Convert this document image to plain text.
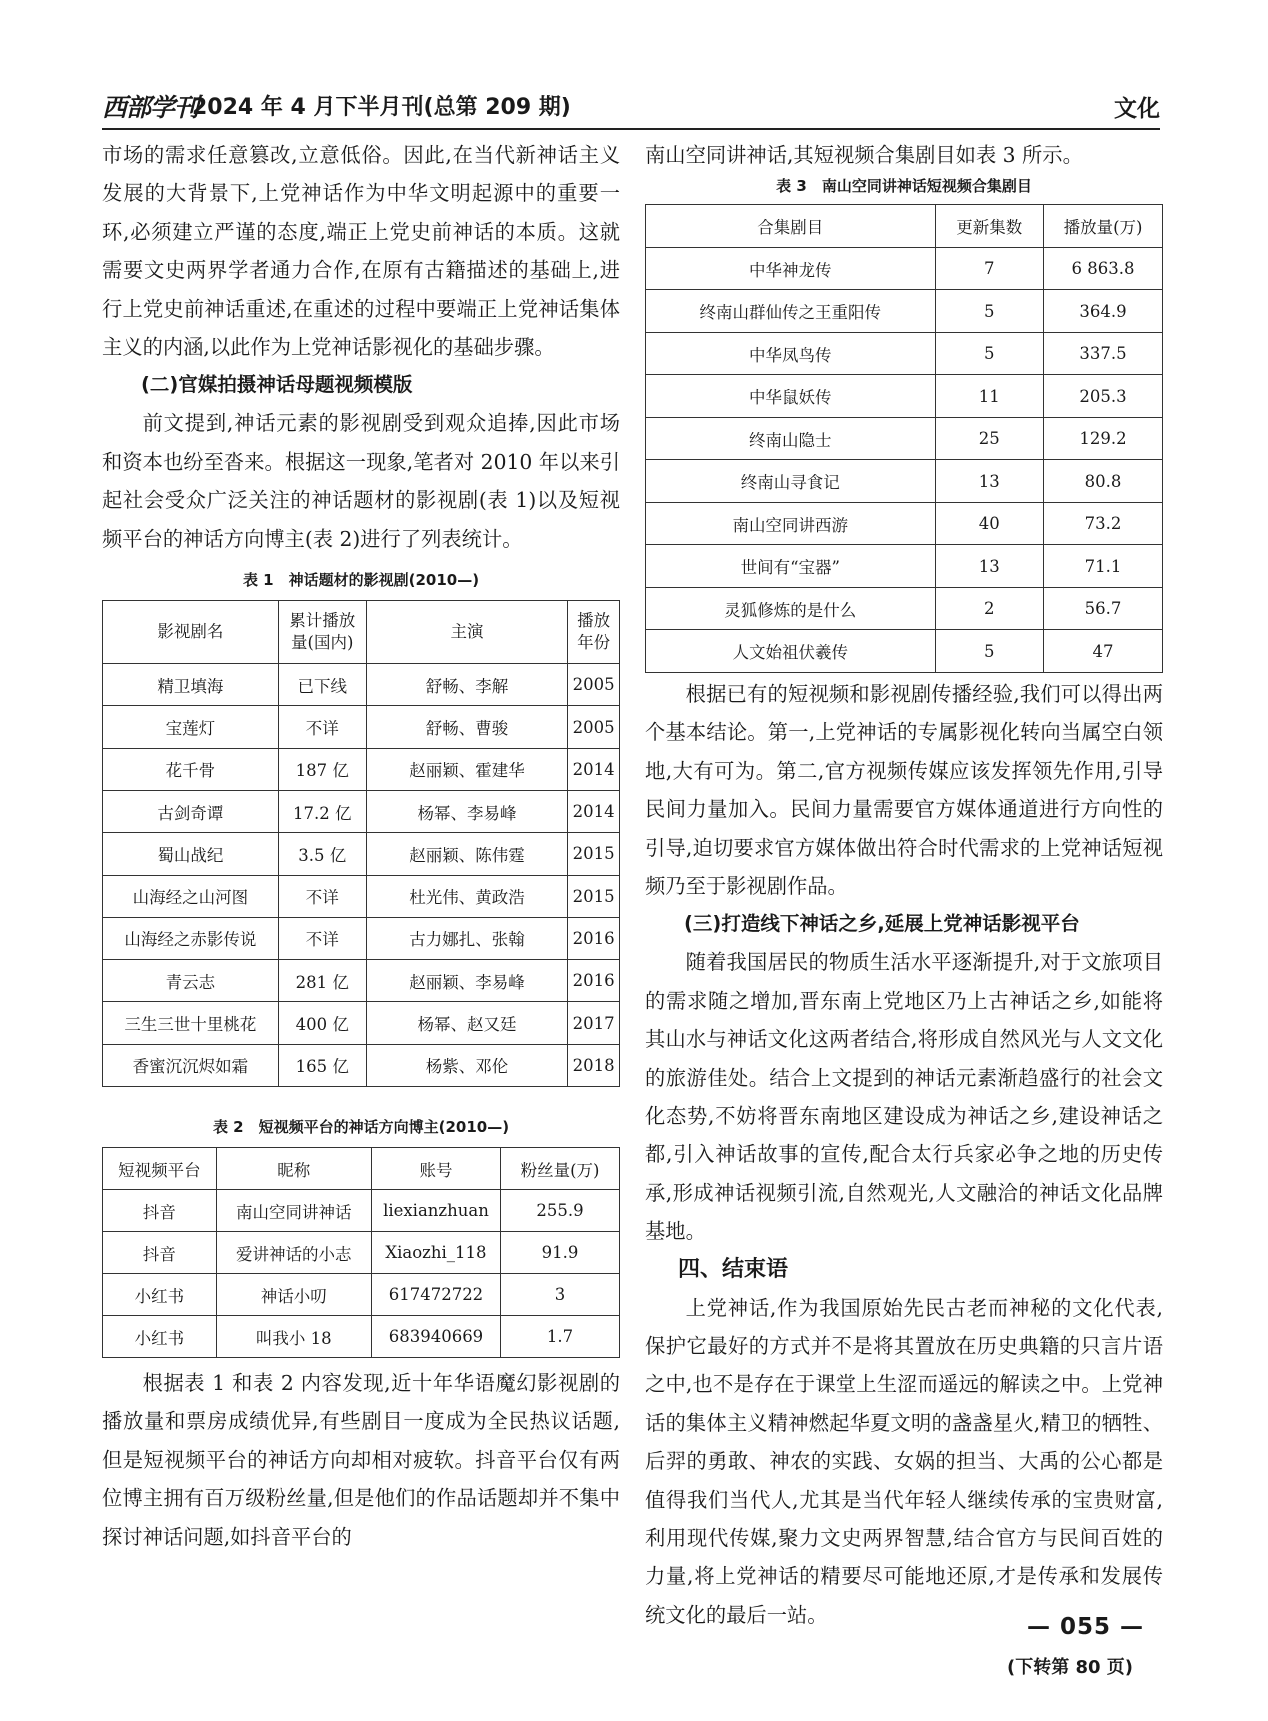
西部学刊
2024 年 4 月下半月刊(总第 209 期)	文化

市场的需求任意篡改,立意低俗。因此,在当代新神话主义发展的大背景下,上党神话作为中华文明起源中的重要一环,必须建立严谨的态度,端正上党史前神话的本质。这就需要文史两界学者通力合作,在原有古籍描述的基础上,进行上党史前神话重述,在重述的过程中要端正上党神话集体主义的内涵,以此作为上党神话影视化的基础步骤。

(二)官媒拍摄神话母题视频模版

前文提到,神话元素的影视剧受到观众追捧,因此市场和资本也纷至沓来。根据这一现象,笔者对 2010 年以来引起社会受众广泛关注的神话题材的影视剧(表 1)以及短视频平台的神话方向博主(表 2)进行了列表统计。

表 1　神话题材的影视剧(2010—)
影视剧名	累计播放量(国内)	主演	播放年份
精卫填海	已下线	舒畅、李解	2005
宝莲灯	不详	舒畅、曹骏	2005
花千骨	187 亿	赵丽颖、霍建华	2014
古剑奇谭	17.2 亿	杨幂、李易峰	2014
蜀山战纪	3.5 亿	赵丽颖、陈伟霆	2015
山海经之山河图	不详	杜光伟、黄政浩	2015
山海经之赤影传说	不详	古力娜扎、张翰	2016
青云志	281 亿	赵丽颖、李易峰	2016
三生三世十里桃花	400 亿	杨幂、赵又廷	2017
香蜜沉沉烬如霜	165 亿	杨紫、邓伦	2018
表 2　短视频平台的神话方向博主(2010—)
短视频平台	昵称	账号	粉丝量(万)
抖音	南山空同讲神话	liexianzhuan	255.9
抖音	爱讲神话的小志	Xiaozhi_118	91.9
小红书	神话小叨	617472722	3
小红书	叫我小 18	683940669	1.7

根据表 1 和表 2 内容发现,近十年华语魔幻影视剧的播放量和票房成绩优异,有些剧目一度成为全民热议话题,但是短视频平台的神话方向却相对疲软。抖音平台仅有两位博主拥有百万级粉丝量,但是他们的作品话题却并不集中探讨神话问题,如抖音平台的

南山空同讲神话,其短视频合集剧目如表 3 所示。

表 3　南山空同讲神话短视频合集剧目
合集剧目	更新集数	播放量(万)
中华神龙传	7	6 863.8
终南山群仙传之王重阳传	5	364.9
中华凤鸟传	5	337.5
中华鼠妖传	11	205.3
终南山隐士	25	129.2
终南山寻食记	13	80.8
南山空同讲西游	40	73.2
世间有“宝器”	13	71.1
灵狐修炼的是什么	2	56.7
人文始祖伏羲传	5	47

根据已有的短视频和影视剧传播经验,我们可以得出两个基本结论。第一,上党神话的专属影视化转向当属空白领地,大有可为。第二,官方视频传媒应该发挥领先作用,引导民间力量加入。民间力量需要官方媒体通道进行方向性的引导,迫切要求官方媒体做出符合时代需求的上党神话短视频乃至于影视剧作品。

(三)打造线下神话之乡,延展上党神话影视平台

随着我国居民的物质生活水平逐渐提升,对于文旅项目的需求随之增加,晋东南上党地区乃上古神话之乡,如能将其山水与神话文化这两者结合,将形成自然风光与人文文化的旅游佳处。结合上文提到的神话元素渐趋盛行的社会文化态势,不妨将晋东南地区建设成为神话之乡,建设神话之都,引入神话故事的宣传,配合太行兵家必争之地的历史传承,形成神话视频引流,自然观光,人文融洽的神话文化品牌基地。

四、结束语

上党神话,作为我国原始先民古老而神秘的文化代表,保护它最好的方式并不是将其置放在历史典籍的只言片语之中,也不是存在于课堂上生涩而遥远的解读之中。上党神话的集体主义精神燃起华夏文明的盏盏星火,精卫的牺牲、后羿的勇敢、神农的实践、女娲的担当、大禹的公心都是值得我们当代人,尤其是当代年轻人继续传承的宝贵财富,利用现代传媒,聚力文史两界智慧,结合官方与民间百姓的力量,将上党神话的精要尽可能地还原,才是传承和发展传统文化的最后一站。

(下转第 80 页)
— 055 —
